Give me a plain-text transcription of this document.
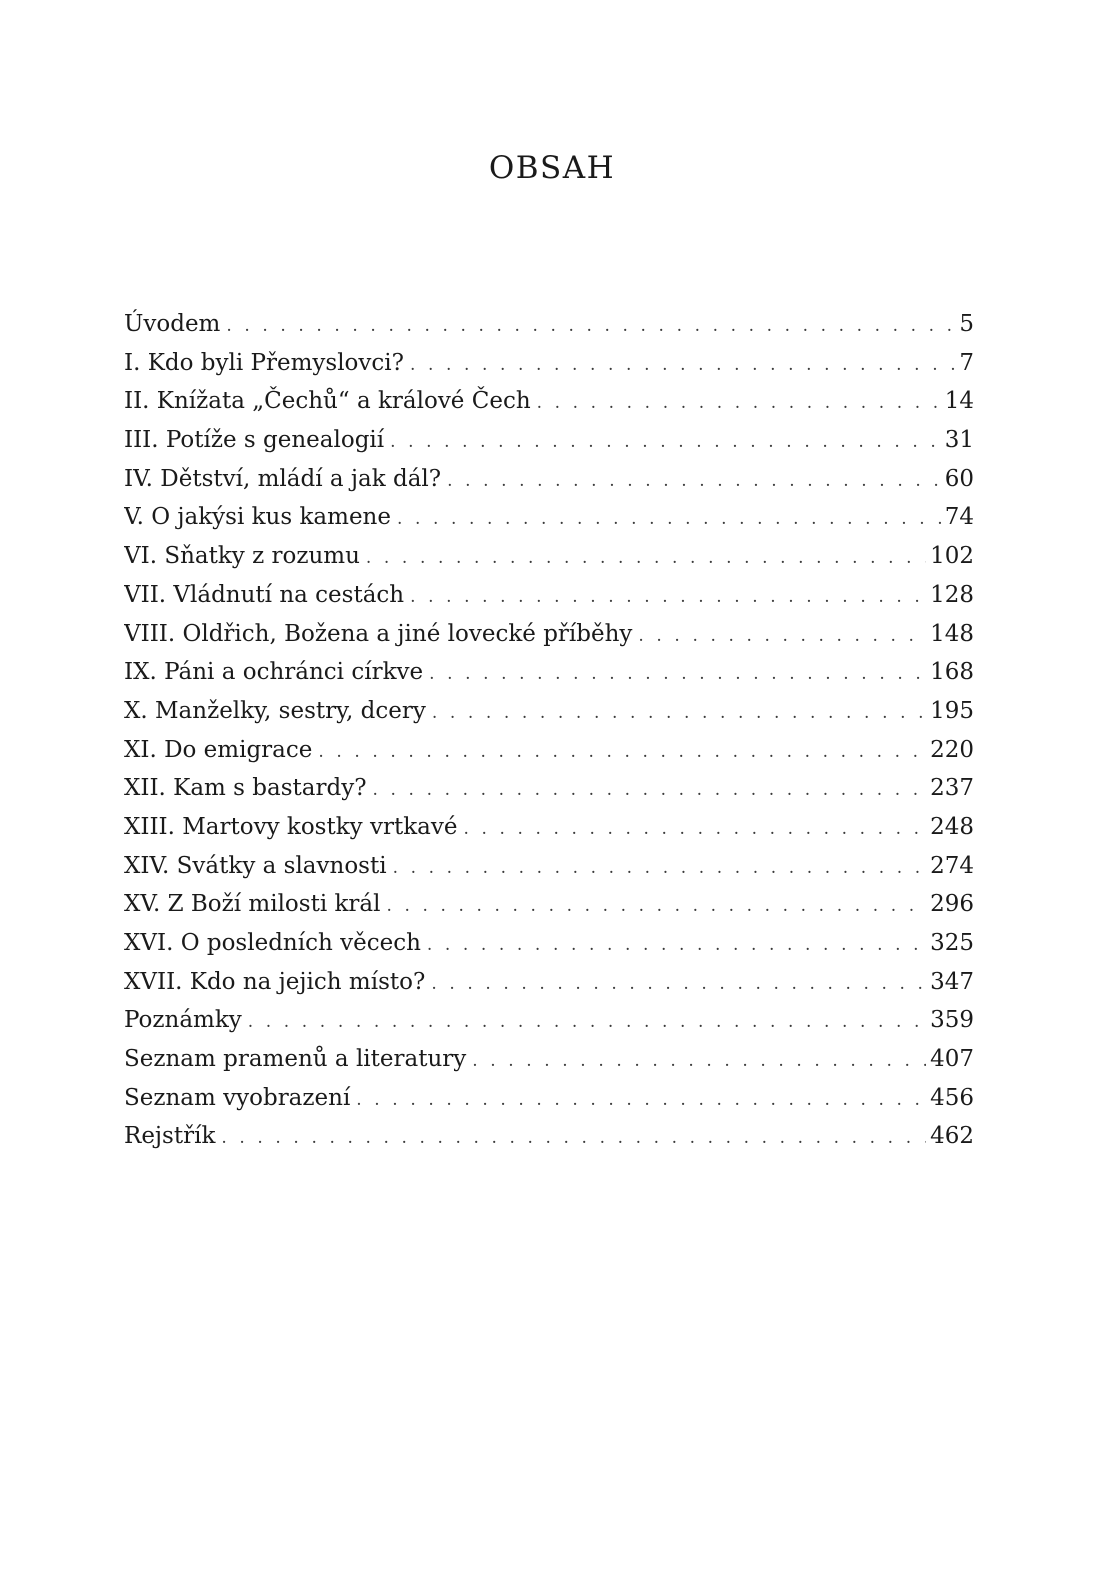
OBSAH
Úvodem . . .	5
I. Kdo byli Přemyslovci? . . .	7
II. Knížata „Čechů“ a králové Čech . . .	14
III. Potíže s genealogií . . .	31
IV. Dětství, mládí a jak dál? . . .	60
V. O jakýsi kus kamene . . .	74
VI. Sňatky z rozumu . . .	102
VII. Vládnutí na cestách . . .	128
VIII. Oldřich, Božena a jiné lovecké příběhy . . .	148
IX. Páni a ochránci církve . . .	168
X. Manželky, sestry, dcery . . .	195
XI. Do emigrace . . .	220
XII. Kam s bastardy? . . .	237
XIII. Martovy kostky vrtkavé . . .	248
XIV. Svátky a slavnosti . . .	274
XV. Z Boží milosti král . . .	296
XVI. O posledních věcech . . .	325
XVII. Kdo na jejich místo? . . .	347
Poznámky . . .	359
Seznam pramenů a literatury . . .	407
Seznam vyobrazení . . .	456
Rejstřík . . .	462
